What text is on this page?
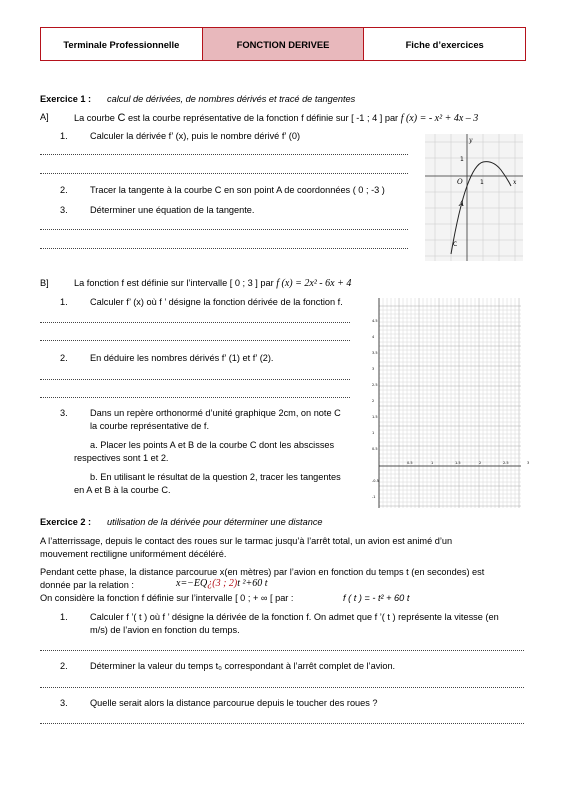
Terminale Professionnelle	FONCTION DERIVEE	Fiche d’exercices
Exercice 1 : calcul de dérivées, de nombres dérivés et tracé de tangentes
A]	La courbe C est la courbe représentative de la fonction f définie sur [ -1 ; 4 ] par f (x) = - x² + 4x – 3
1. Calculer la dérivée f’ (x), puis le nombre dérivé f’ (0)
2. Tracer la tangente à la courbe C en son point A de coordonnées ( 0 ; -3 )
3. Déterminer une équation de la tangente.
1
O	1	x
y
A
C
B]	La fonction f est définie sur l’intervalle [ 0 ; 3 ] par f (x) = 2x² - 6x + 4
1. Calculer f’ (x) où f ’ désigne la fonction dérivée de la fonction f.
2. En déduire les nombres dérivés f’ (1) et f’ (2).
3. Dans un repère orthonormé d’unité graphique 2cm, on note C
la courbe représentative de f.
a. Placer les points A et B de la courbe C dont les abscisses
respectives sont 1 et 2.
b. En utilisant le résultat de la question 2, tracer les tangentes
en A et B à la courbe C.
0.5	1	1.5	2	2.5	3
4.5
4
3.5
3
2.5
2
1.5
1
0.5
-0.5
-1
Exercice 2 : utilisation de la dérivée pour déterminer une distance
A l’atterrissage, depuis le contact des roues sur le tarmac jusqu’à l’arrêt total, un avion est animé d’un
mouvement rectiligne uniformément décéléré.
Pendant cette phase, la distance parcourue x(en mètres) par l’avion en fonction du temps t (en secondes) est
donnée par la relation :	x=−EQ¿(3 ; 2)t ²+60 t
On considère la fonction f définie sur l’intervalle [ 0 ; + ∞ [ par :	f ( t ) = - t² + 60 t
1. Calculer f ’( t ) où f ’ désigne la dérivée de la fonction f. On admet que f ’( t ) représente la vitesse (en
m/s) de l’avion en fonction du temps.
2. Déterminer la valeur du temps t₀ correspondant à l’arrêt complet de l’avion.
3. Quelle serait alors la distance parcourue depuis le toucher des roues ?
